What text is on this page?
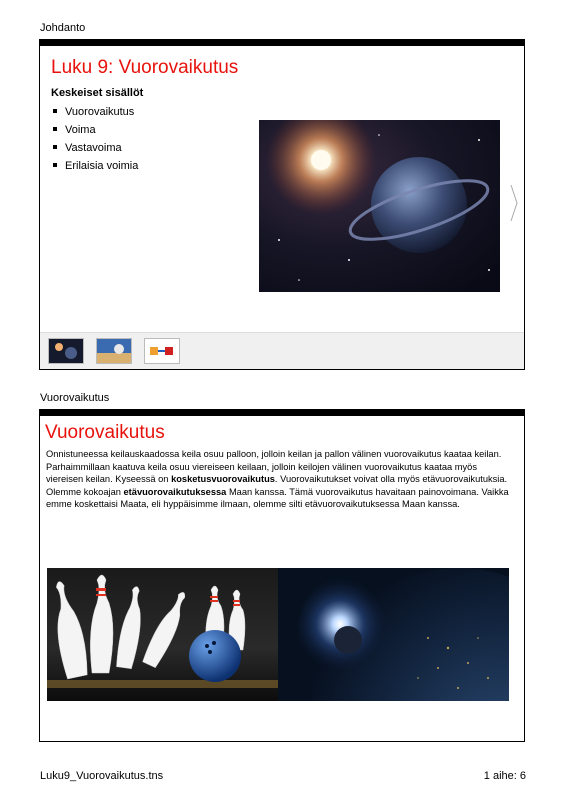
Johdanto
Luku 9: Vuorovaikutus
Keskeiset sisällöt
Vuorovaikutus
Voima
Vastavoima
Erilaisia voimia
Vuorovaikutus
Vuorovaikutus
Onnistuneessa keilauskaadossa keila osuu palloon, jolloin keilan ja pallon välinen vuorovaikutus kaataa keilan. Parhaimmillaan kaatuva keila osuu viereiseen keilaan, jolloin keilojen välinen vuorovaikutus kaataa myös viereisen keilan. Kyseessä on kosketusvuorovaikutus. Vuorovaikutukset voivat olla myös etävuorovaikutuksia. Olemme kokoajan etävuorovaikutuksessa Maan kanssa. Tämä vuorovaikutus havaitaan painovoimana. Vaikka emme koskettaisi Maata, eli hyppäisimme ilmaan, olemme silti etävuorovaikutuksessa Maan kanssa.
Luku9_Vuorovaikutus.tns	1 aihe: 6
